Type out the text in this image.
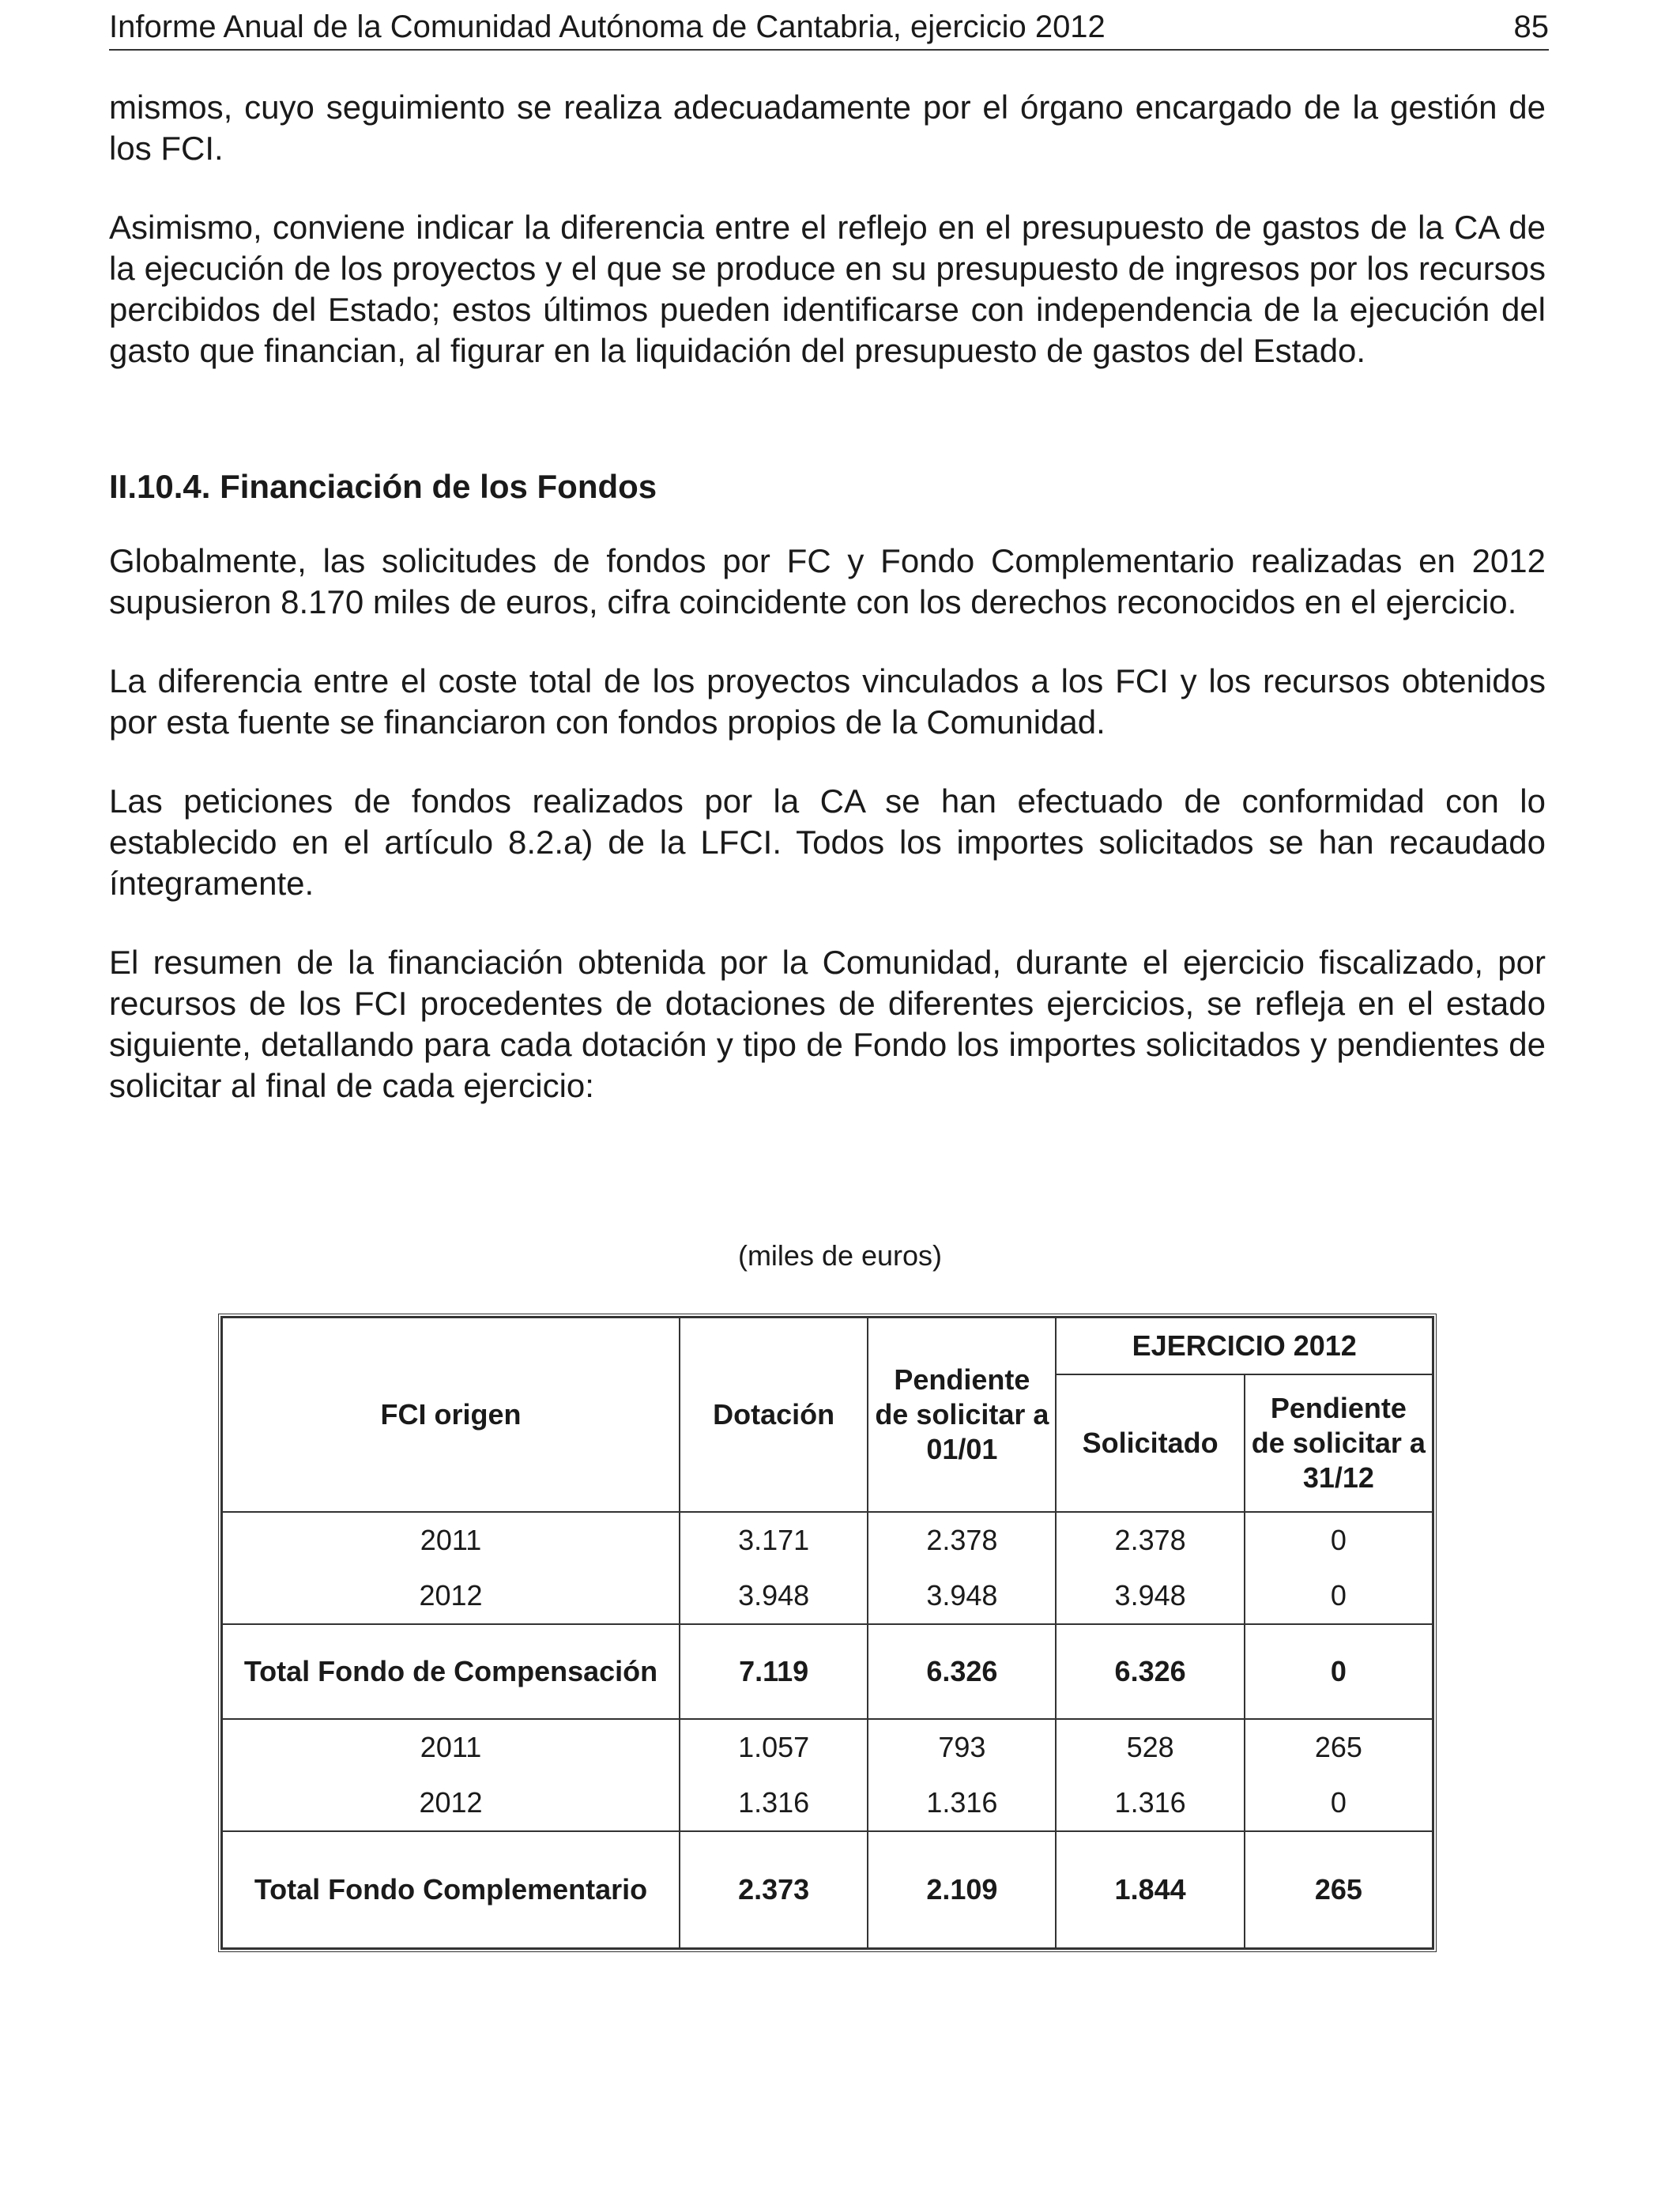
Informe Anual de la Comunidad Autónoma de Cantabria, ejercicio 2012	85

mismos, cuyo seguimiento se realiza adecuadamente por el órgano encargado de la gestión de los FCI.

Asimismo, conviene indicar la diferencia entre el reflejo en el presupuesto de gastos de la CA de la ejecución de los proyectos y el que se produce en su presupuesto de ingresos por los recursos percibidos del Estado; estos últimos pueden identificarse con independencia de la ejecución del gasto que financian, al figurar en la liquidación del presupuesto de gastos del Estado.

II.10.4. Financiación de los Fondos

Globalmente, las solicitudes de fondos por FC y Fondo Complementario realizadas en 2012 supusieron 8.170 miles de euros, cifra coincidente con los derechos reconocidos en el ejercicio.

La diferencia entre el coste total de los proyectos vinculados a los FCI y los recursos obtenidos por esta fuente se financiaron con fondos propios de la Comunidad.

Las peticiones de fondos realizados por la CA se han efectuado de conformidad con lo establecido en el artículo 8.2.a) de la LFCI. Todos los importes solicitados se han recaudado íntegramente.

El resumen de la financiación obtenida por la Comunidad, durante el ejercicio fiscalizado, por recursos de los FCI procedentes de dotaciones de diferentes ejercicios, se refleja en el estado siguiente, detallando para cada dotación y tipo de Fondo los importes solicitados y pendientes de solicitar al final de cada ejercicio:

(miles de euros)
FCI origen	Dotación	Pendiente de solicitar a 01/01	EJERCICIO 2012	
			Solicitado	Pendiente de solicitar a 31/12
2011	3.171	2.378	2.378	0
2012	3.948	3.948	3.948	0
Total Fondo de Compensación	7.119	6.326	6.326	0
2011	1.057	793	528	265
2012	1.316	1.316	1.316	0
Total Fondo Complementario	2.373	2.109	1.844	265
